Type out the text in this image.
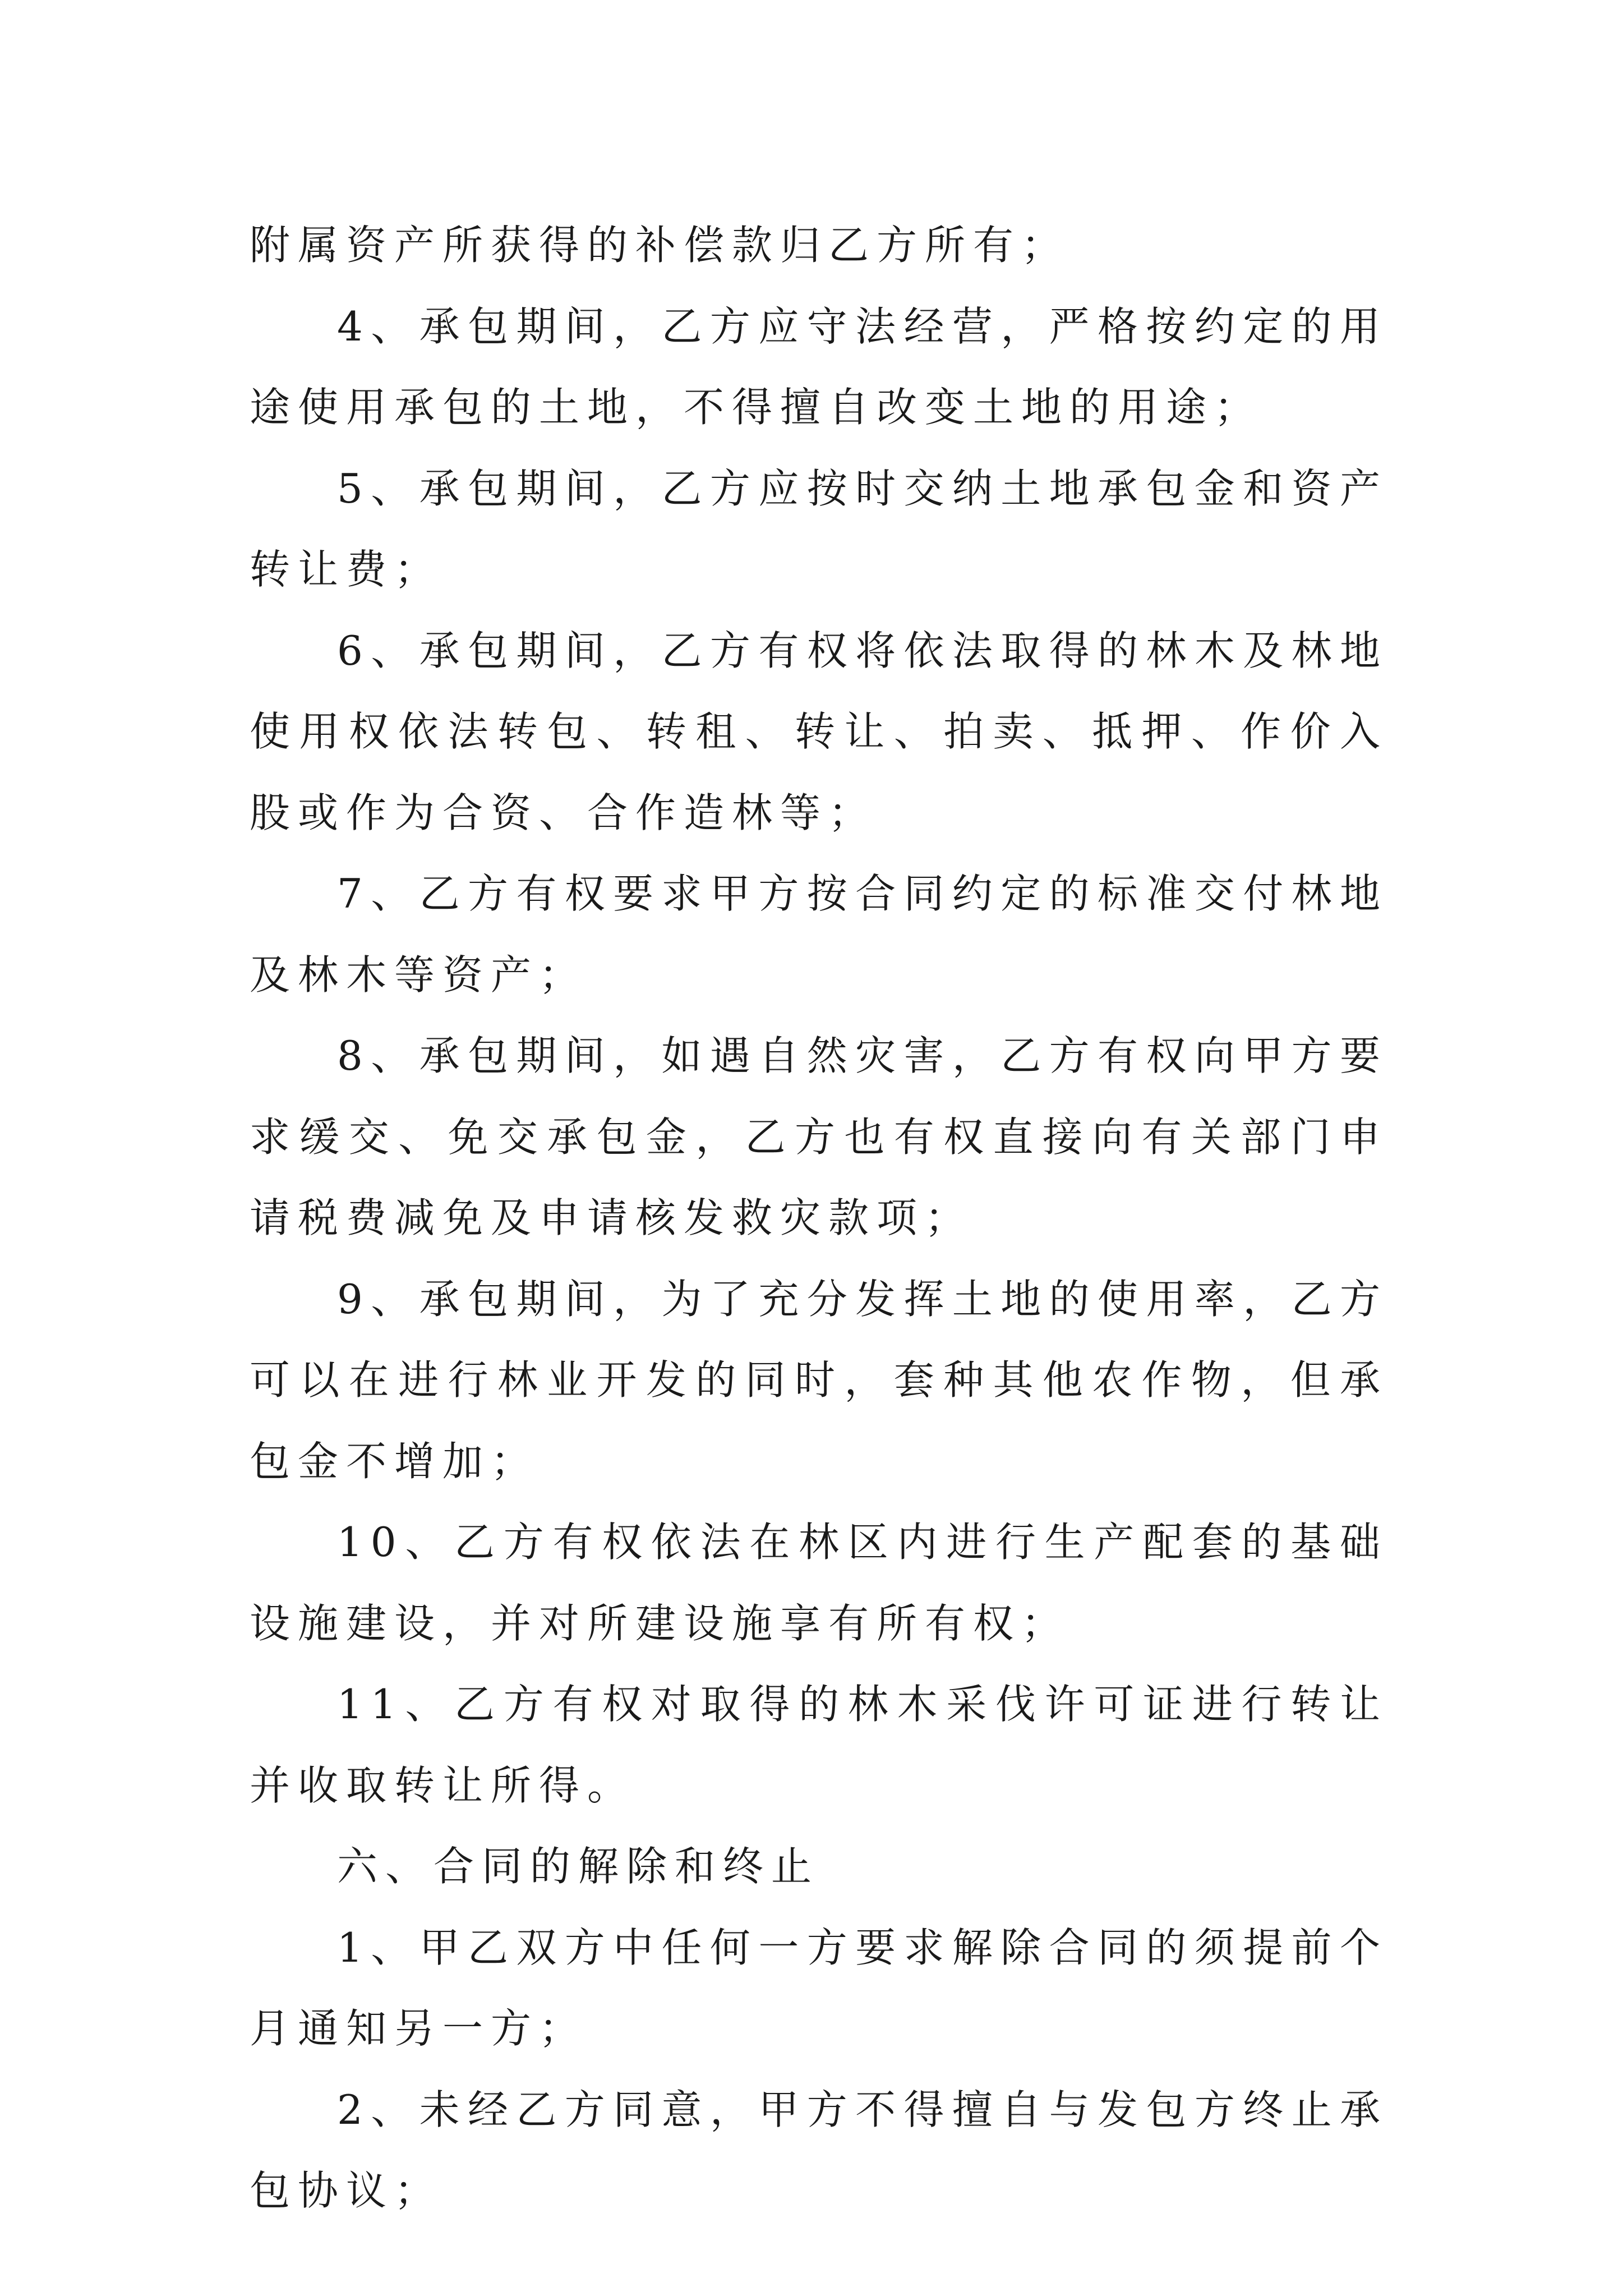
附属资产所获得的补偿款归乙方所有；

4、承包期间，乙方应守法经营，严格按约定的用途使用承包的土地，不得擅自改变土地的用途；

5、承包期间，乙方应按时交纳土地承包金和资产转让费；

6、承包期间，乙方有权将依法取得的林木及林地使用权依法转包、转租、转让、拍卖、抵押、作价入股或作为合资、合作造林等；

7、乙方有权要求甲方按合同约定的标准交付林地及林木等资产；

8、承包期间，如遇自然灾害，乙方有权向甲方要求缓交、免交承包金，乙方也有权直接向有关部门申请税费减免及申请核发救灾款项；

9、承包期间，为了充分发挥土地的使用率，乙方可以在进行林业开发的同时，套种其他农作物，但承包金不增加；

10、乙方有权依法在林区内进行生产配套的基础设施建设，并对所建设施享有所有权；

11、乙方有权对取得的林木采伐许可证进行转让并收取转让所得。

六、合同的解除和终止

1、甲乙双方中任何一方要求解除合同的须提前个月通知另一方；

2、未经乙方同意，甲方不得擅自与发包方终止承包协议；
